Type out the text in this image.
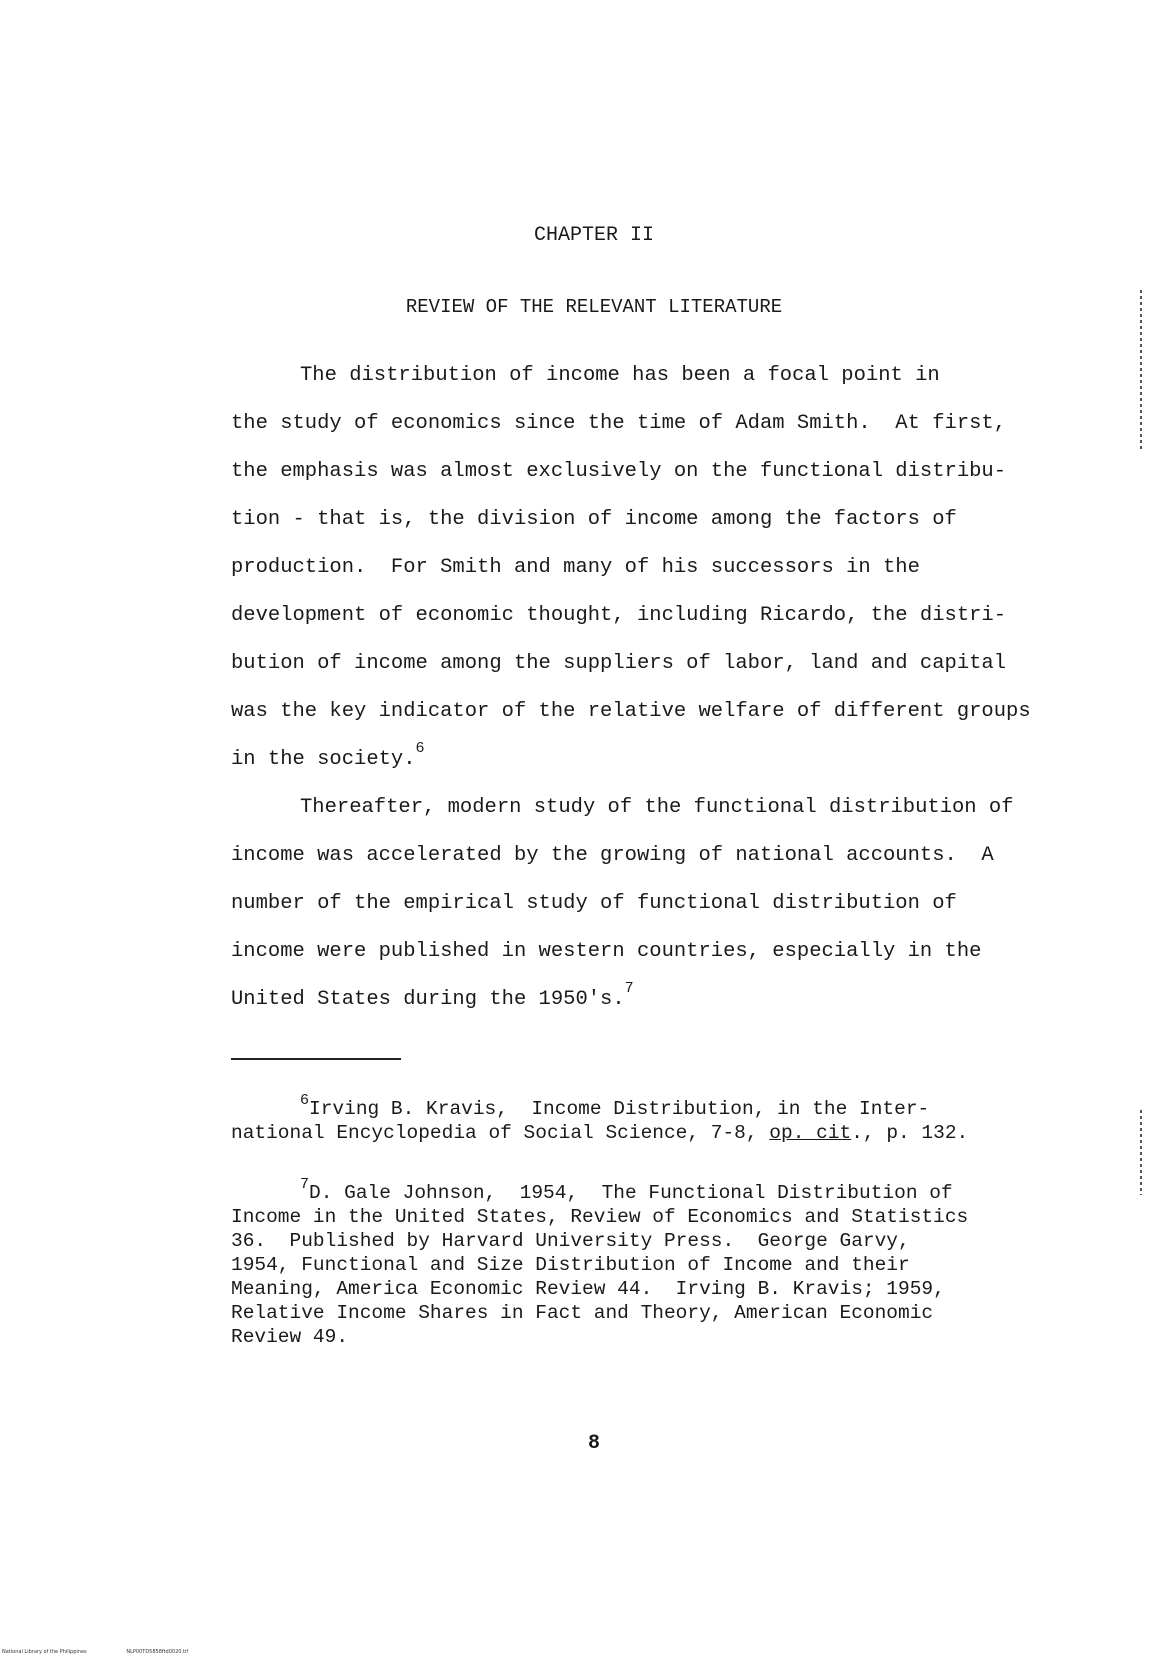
CHAPTER II
REVIEW OF THE RELEVANT LITERATURE
The distribution of income has been a focal point in
the study of economics since the time of Adam Smith.  At first,
the emphasis was almost exclusively on the functional distribu-
tion - that is, the division of income among the factors of
production.  For Smith and many of his successors in the
development of economic thought, including Ricardo, the distri-
bution of income among the suppliers of labor, land and capital
was the key indicator of the relative welfare of different groups
in the society.$^6$
Thereafter, modern study of the functional distribution of
income was accelerated by the growing of national accounts.  A
number of the empirical study of functional distribution of
income were published in western countries, especially in the
United States during the 1950's.$^7$
$^6$Irving B. Kravis,  Income Distribution, in the Inter-
national Encyclopedia of Social Science, 7-8, op. cit., p. 132.
$^7$D. Gale Johnson,  1954,  The Functional Distribution of
Income in the United States, Review of Economics and Statistics
36.  Published by Harvard University Press.  George Garvy,
1954, Functional and Size Distribution of Income and their
Meaning, America Economic Review 44.  Irving B. Kravis; 1959,
Relative Income Shares in Fact and Theory, American Economic
Review 49.
8
National Library of the Philippines	NLP00TD5858ftd0020.tif
